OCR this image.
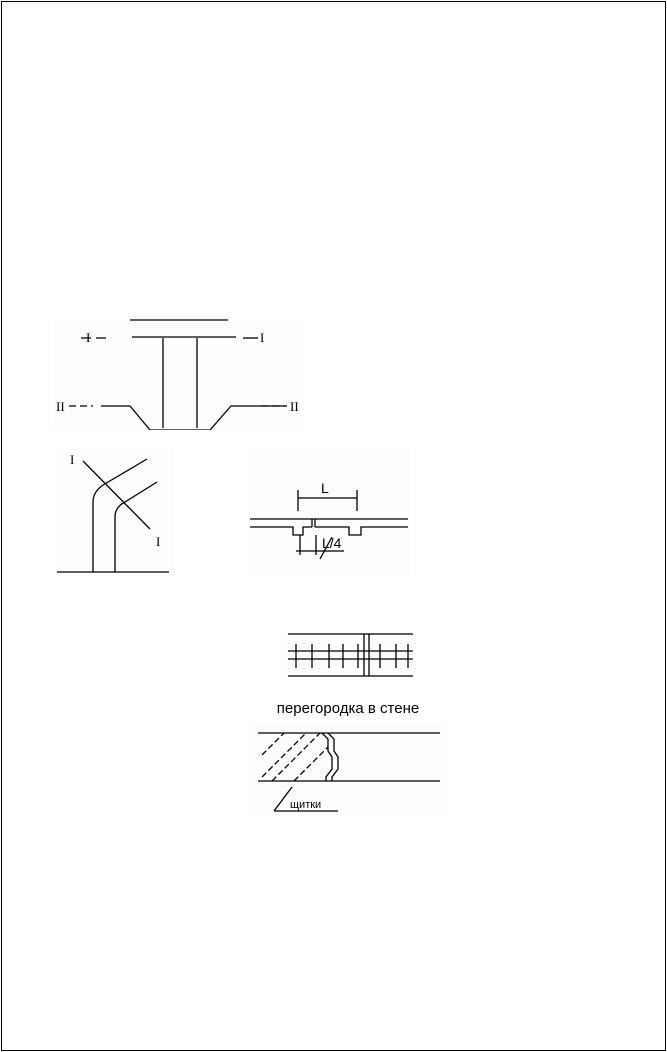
I	I
II	II
I
I
L
L/4
перегородка в стене
щитки
